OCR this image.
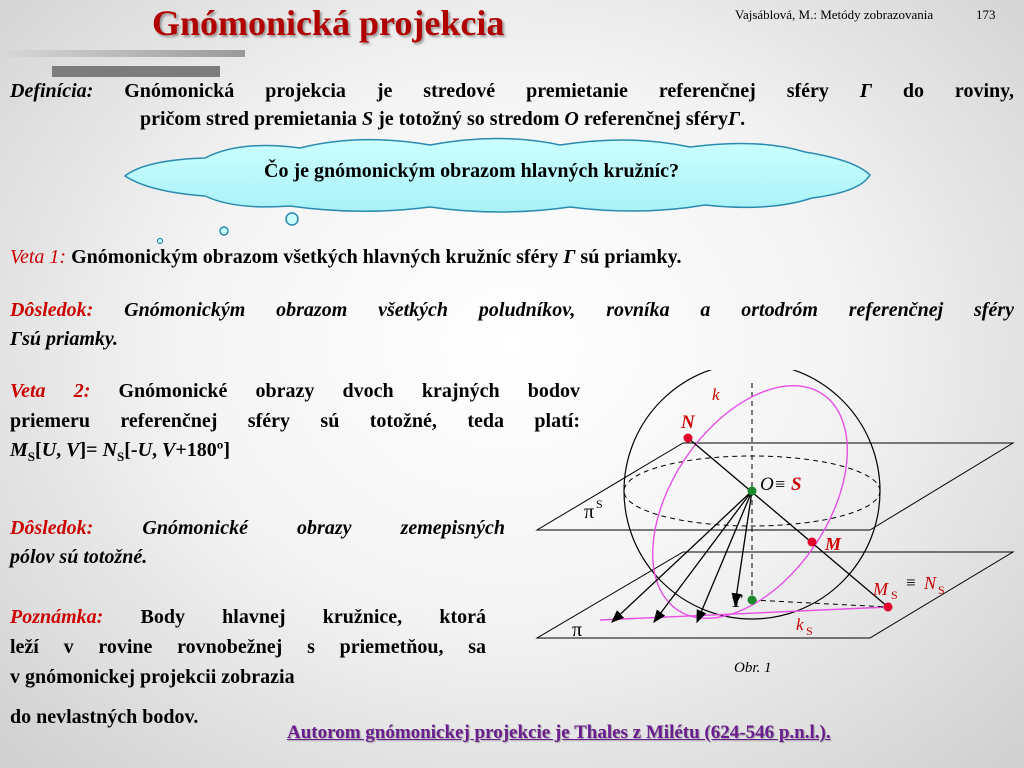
Gnómonická projekcia	Vajsáblová, M.: Metódy zobrazovania	173
Definícia: Gnómonická projekcia je stredové premietanie referenčnej sféry Γ do roviny,
pričom stred premietania S je totožný so stredom O referenčnej sféryΓ.
Čo je gnómonickým obrazom hlavných kružníc?
Veta 1: Gnómonickým obrazom všetkých hlavných kružníc sféry Γ sú priamky.
Dôsledok: Gnómonickým obrazom všetkých poludníkov, rovníka a ortodróm referenčnej sféry
Γsú priamky.
Veta 2: Gnómonické obrazy dvoch krajných bodov
priemeru referenčnej sféry sú totožné, teda platí:
$M_S[U$, $V]= N_S[-U$, V+180º]
Dôsledok: Gnómonické obrazy zemepisných
pólov sú totožné.
Poznámka: Body hlavnej kružnice, ktorá
leží v rovine rovnobežnej s priemetňou, sa
v gnómonickej projekcii zobrazia
do nevlastných bodov.
k
N
O ≡ S
π S
M
M S
≡ N S
T
k S
π
Obr. 1
Autorom gnómonickej projekcie je Thales z Milétu (624-546 p.n.l.).
